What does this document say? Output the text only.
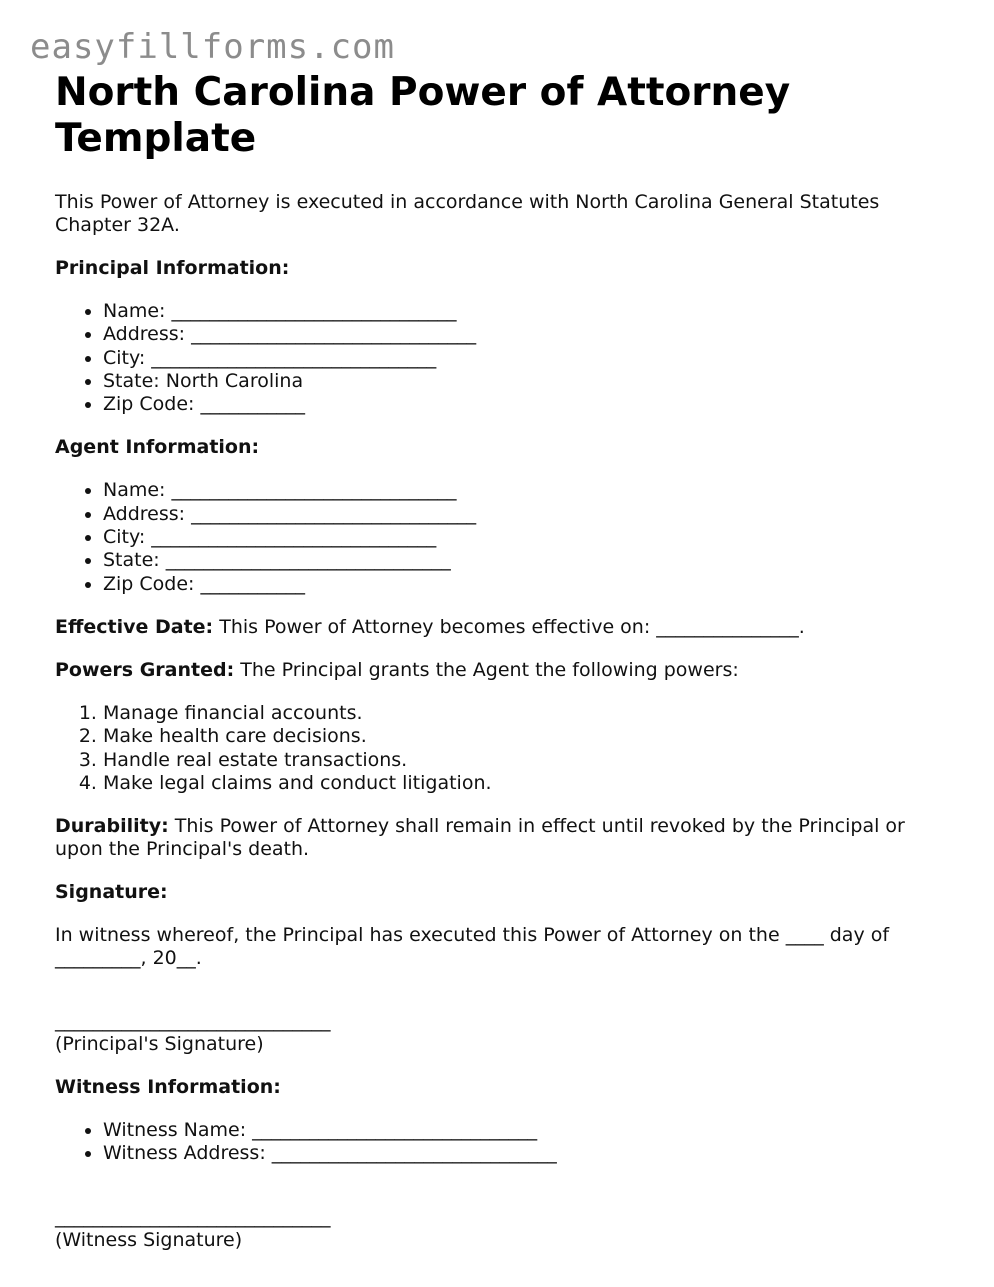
easyfillforms.com
North Carolina Power of Attorney Template

This Power of Attorney is executed in accordance with North Carolina General Statutes Chapter 32A.

Principal Information:
• Name: ______________________________
• Address: ______________________________
• City: ______________________________
• State: North Carolina
• Zip Code: ___________
Agent Information:
• Name: ______________________________
• Address: ______________________________
• City: ______________________________
• State: ______________________________
• Zip Code: ___________

Effective Date: This Power of Attorney becomes effective on: _______________.

Powers Granted: The Principal grants the Agent the following powers:

1. Manage financial accounts.
2. Make health care decisions.
3. Handle real estate transactions.
4. Make legal claims and conduct litigation.

Durability: This Power of Attorney shall remain in effect until revoked by the Principal or upon the Principal's death.

Signature:

In witness whereof, the Principal has executed this Power of Attorney on the ____ day of _________, 20__.

_____________________________

(Principal's Signature)

Witness Information:
• Witness Name: ______________________________
• Witness Address: ______________________________

_____________________________

(Witness Signature)
